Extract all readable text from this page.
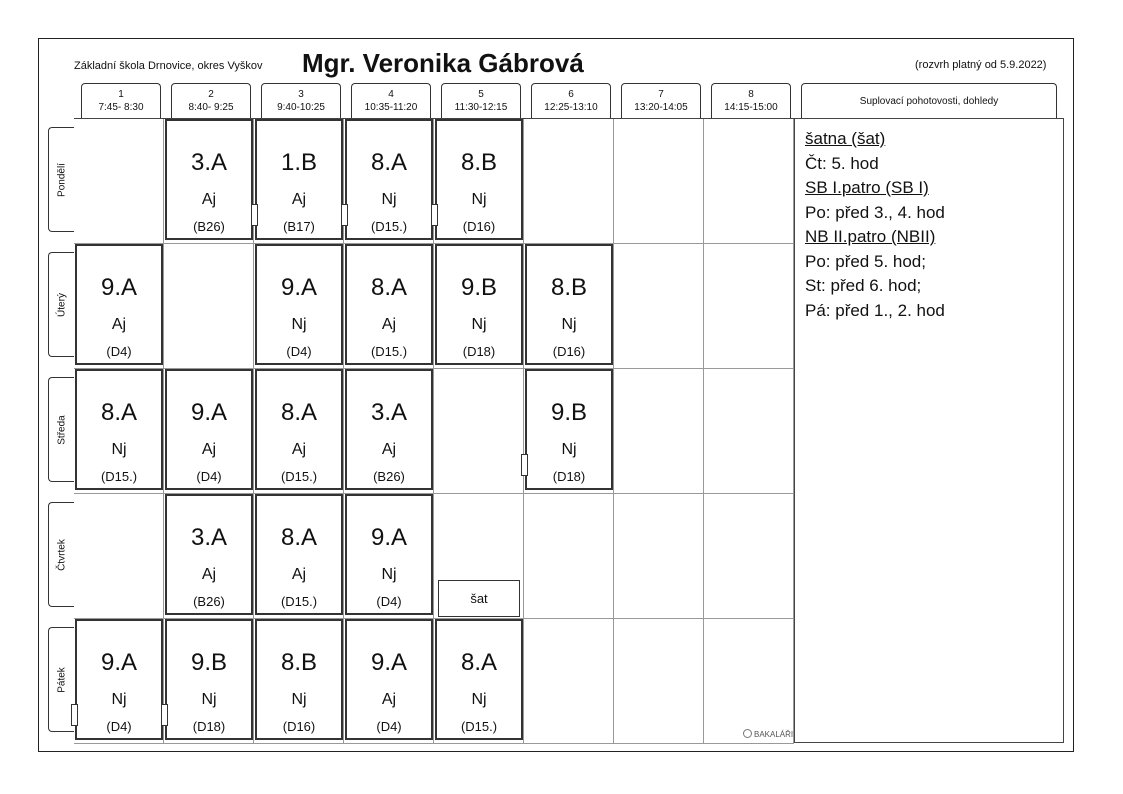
Základní škola Drnovice, okres Vyškov Mgr. Veronika Gábrová	(rozvrh platný od 5.9.2022)
1
7:45- 8:30
2
8:40- 9:25
3
9:40-10:25
4
10:35-11:20
5
11:30-12:15
6
12:25-13:10
7
13:20-14:05
8
14:15-15:00
Suplovací pohotovosti, dohledy
Pondělí
Úterý
Středa
Čtvrtek
Pátek
3.A
Aj
(B26)
1.B
Aj
(B17)
8.A
Nj
(D15.)
8.B
Nj
(D16)
9.A
Aj
(D4)
9.A
Nj
(D4)
8.A
Aj
(D15.)
9.B
Nj
(D18)
8.B
Nj
(D16)
8.A
Nj
(D15.)
9.A
Aj
(D4)
8.A
Aj
(D15.)
3.A
Aj
(B26)
9.B
Nj
(D18)
3.A
Aj
(B26)
8.A
Aj
(D15.)
9.A
Nj
(D4)
9.A
Nj
(D4)
9.B
Nj
(D18)
8.B
Nj
(D16)
9.A
Aj
(D4)
8.A
Nj
(D15.)
šat
šatna (šat)
Čt: 5. hod
SB I.patro (SB I)
Po: před 3., 4. hod
NB II.patro (NBII)
Po: před 5. hod;
St: před 6. hod;
Pá: před 1., 2. hod
BAKALÁŘI
